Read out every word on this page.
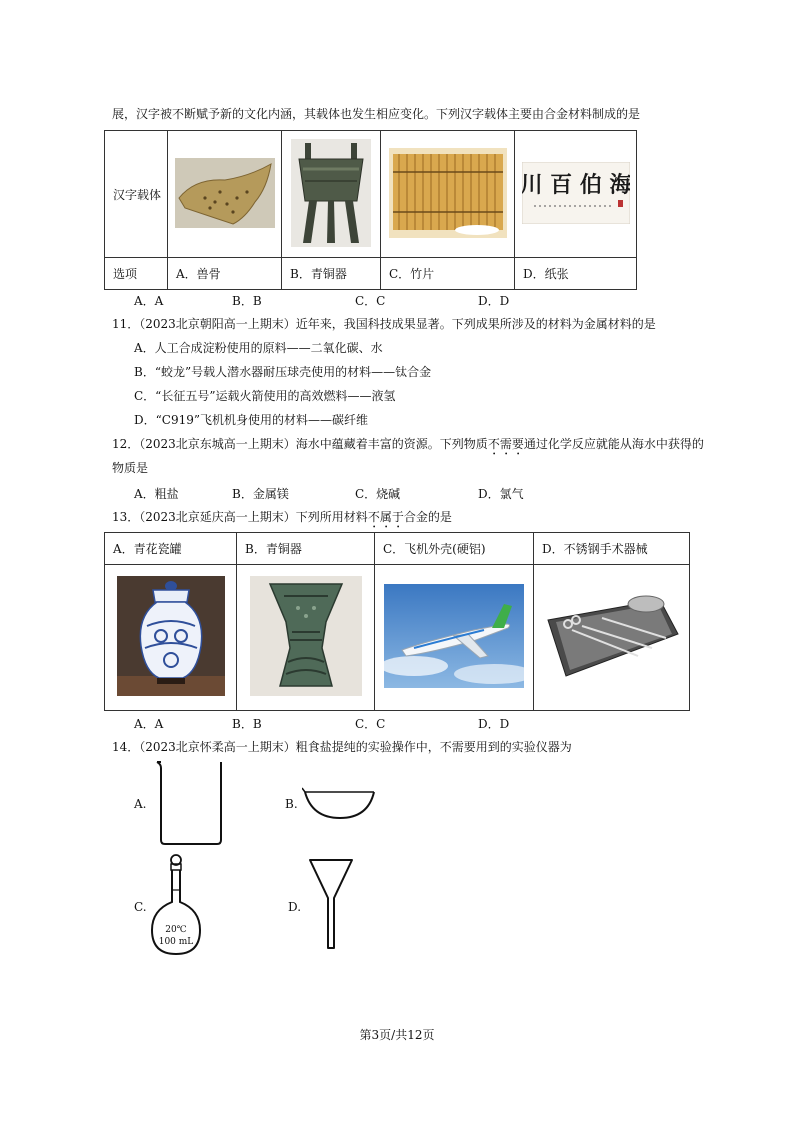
展，汉字被不断赋予新的文化内涵，其载体也发生相应变化。下列汉字载体主要由合金材料制成的是
汉字载体				川 百 伯 海

选项	A．兽骨	B．青铜器	C．竹片	D．纸张
A．A	B．B	C．C	D．D
11．（2023北京朝阳高一上期末）近年来，我国科技成果显著。下列成果所涉及的材料为金属材料的是
A．人工合成淀粉使用的原料——二氧化碳、水
B．“蛟龙”号载人潜水器耐压球壳使用的材料——钛合金
C．“长征五号”运载火箭使用的高效燃料——液氢
D．“C919”飞机机身使用的材料——碳纤维
12．（2023北京东城高一上期末）海水中蕴藏着丰富的资源。下列物质不需要通过化学反应就能从海水中获得的
物质是
A．粗盐	B．金属镁	C．烧碱	D．氯气
13．（2023北京延庆高一上期末）下列所用材料不属于合金的是
A．青花瓷罐	B．青铜器	C．飞机外壳(硬铝)	D．不锈钢手术器械

A．A	B．B	C．C	D．D
14．（2023北京怀柔高一上期末）粗食盐提纯的实验操作中，不需要用到的实验仪器为
A.	B.
C.
20℃
100 mL
D.
第3页/共12页
